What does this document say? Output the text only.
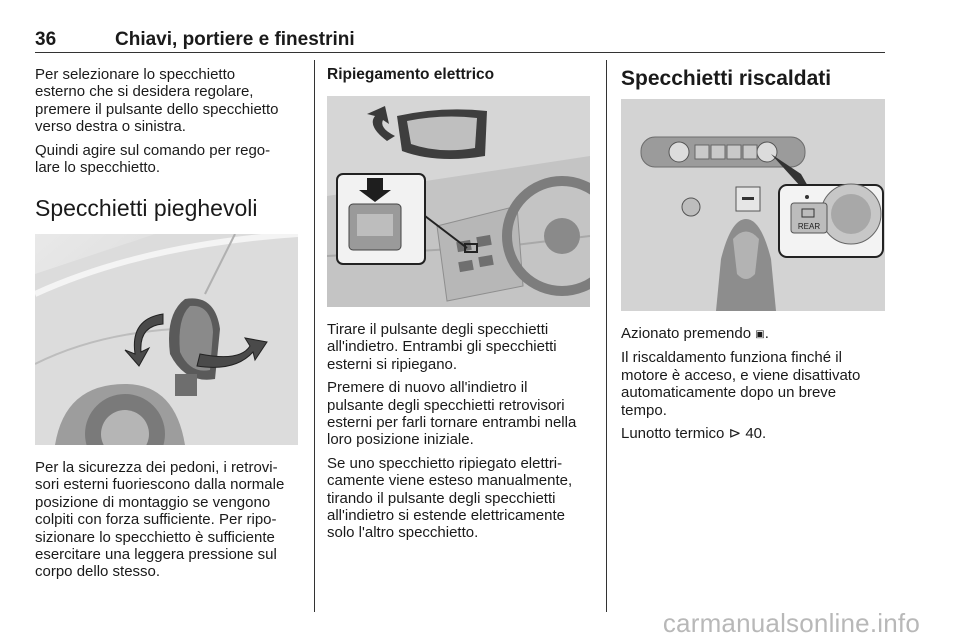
36	Chiavi, portiere e finestrini

Per selezionare lo specchietto
esterno che si desidera regolare,
premere il pulsante dello specchietto
verso destra o sinistra.

Quindi agire sul comando per rego-
lare lo specchietto.

Specchietti pieghevoli

Per la sicurezza dei pedoni, i retrovi-
sori esterni fuoriescono dalla normale
posizione di montaggio se vengono
colpiti con forza sufficiente. Per ripo-
sizionare lo specchietto è sufficiente
esercitare una leggera pressione sul
corpo dello stesso.

Ripiegamento elettrico

Tirare il pulsante degli specchietti
all'indietro. Entrambi gli specchietti
esterni si ripiegano.

Premere di nuovo all'indietro il
pulsante degli specchietti retrovisori
esterni per farli tornare entrambi nella
loro posizione iniziale.

Se uno specchietto ripiegato elettri-
camente viene esteso manualmente,
tirando il pulsante degli specchietti
all'indietro si estende elettricamente
solo l'altro specchietto.

Specchietti riscaldati
REAR

Azionato premendo ▣.

Il riscaldamento funziona finché il
motore è acceso, e viene disattivato
automaticamente dopo un breve
tempo.

Lunotto termico ⊳ 40.

carmanualsonline.info
